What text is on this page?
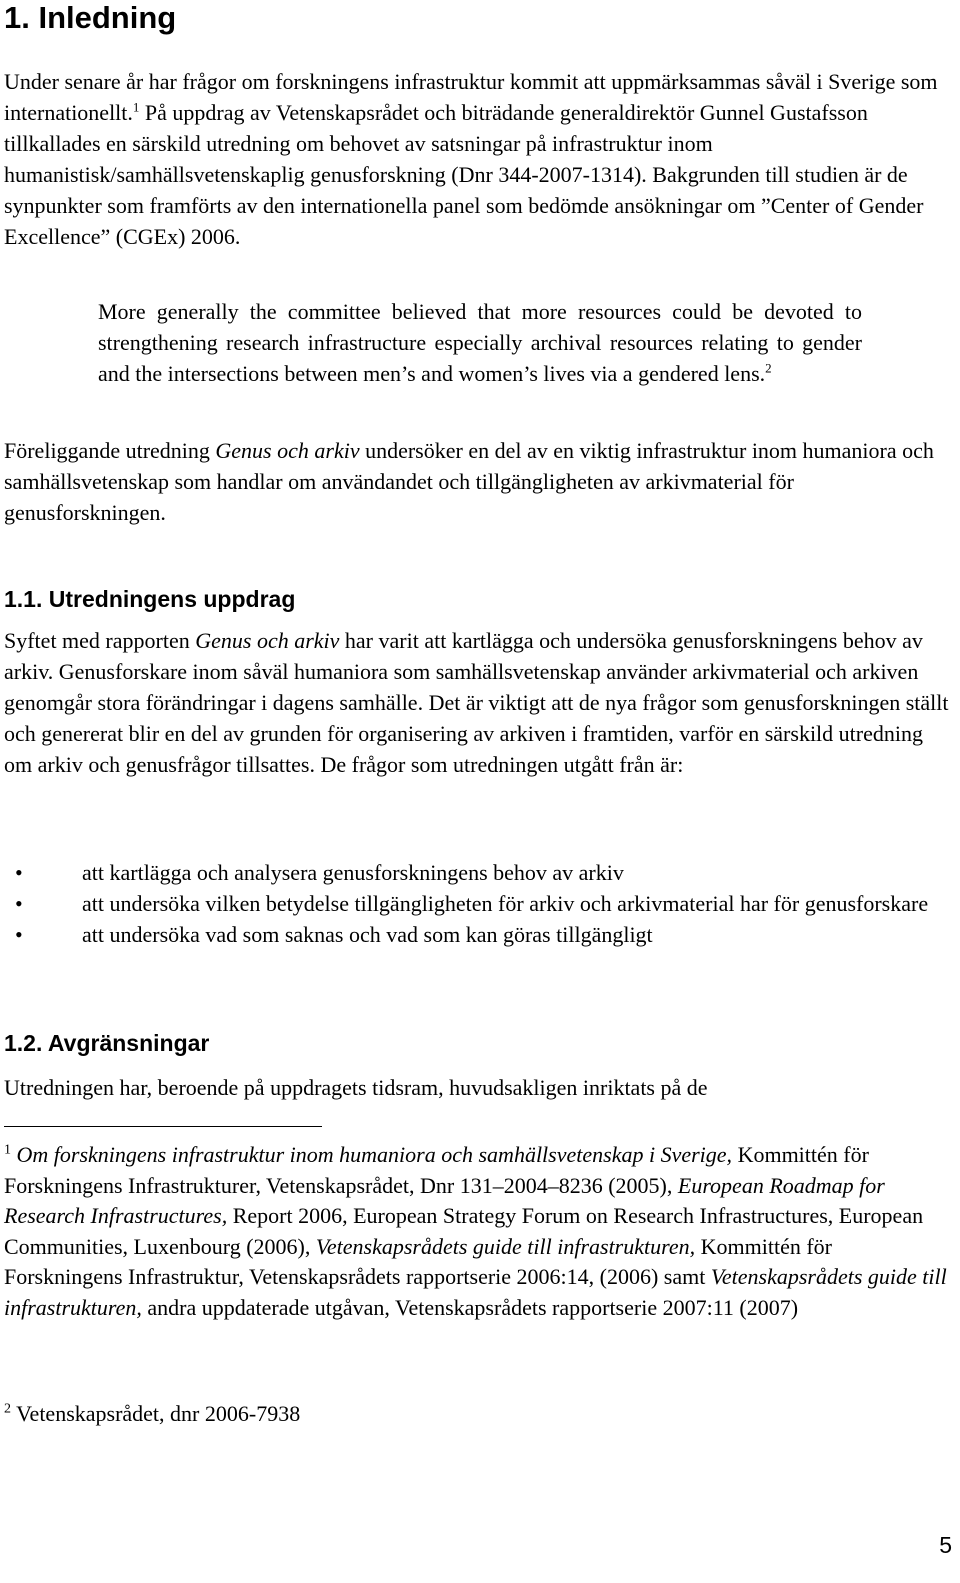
1. Inledning

Under senare år har frågor om forskningens infrastruktur kommit att uppmärksammas såväl i Sverige som internationellt.$^1$ På uppdrag av Vetenskapsrådet och biträdande generaldirektör Gunnel Gustafsson tillkallades en särskild utredning om behovet av satsningar på infrastruktur inom humanistisk/samhällsvetenskaplig genusforskning (Dnr 344-2007-1314). Bakgrunden till studien är de synpunkter som framförts av den internationella panel som bedömde ansökningar om ”Center of Gender Excellence” (CGEx) 2006.

More generally the committee believed that more resources could be devoted to strengthening research infrastructure especially archival resources relating to gender and the intersections between men’s and women’s lives via a gendered lens.$^2$

Föreliggande utredning Genus och arkiv undersöker en del av en viktig infrastruktur inom humaniora och samhällsvetenskap som handlar om användandet och tillgängligheten av arkivmaterial för genusforskningen.

1.1. Utredningens uppdrag

Syftet med rapporten Genus och arkiv har varit att kartlägga och undersöka genusforskningens behov av arkiv. Genusforskare inom såväl humaniora som samhällsvetenskap använder arkivmaterial och arkiven genomgår stora förändringar i dagens samhälle. Det är viktigt att de nya frågor som genusforskningen ställt och genererat blir en del av grunden för organisering av arkiven i framtiden, varför en särskild utredning om arkiv och genusfrågor tillsattes. De frågor som utredningen utgått från är:

•	att kartlägga och analysera genusforskningens behov av arkiv
•	att undersöka vilken betydelse tillgängligheten för arkiv och arkivmaterial har för genusforskare
•	att undersöka vad som saknas och vad som kan göras tillgängligt
1.2. Avgränsningar

Utredningen har, beroende på uppdragets tidsram, huvudsakligen inriktats på de

$^1$ Om forskningens infrastruktur inom humaniora och samhällsvetenskap i Sverige, Kommittén för Forskningens Infrastrukturer, Vetenskapsrådet, Dnr 131–2004–8236 (2005), European Roadmap for Research Infrastructures, Report 2006, European Strategy Forum on Research Infrastructures, European Communities, Luxenbourg (2006), Vetenskapsrådets guide till infrastrukturen, Kommittén för Forskningens Infrastruktur, Vetenskapsrådets rapportserie 2006:14, (2006) samt Vetenskapsrådets guide till infrastrukturen, andra uppdaterade utgåvan, Vetenskapsrådets rapportserie 2007:11 (2007)

$^2$ Vetenskapsrådet, dnr 2006-7938

5
